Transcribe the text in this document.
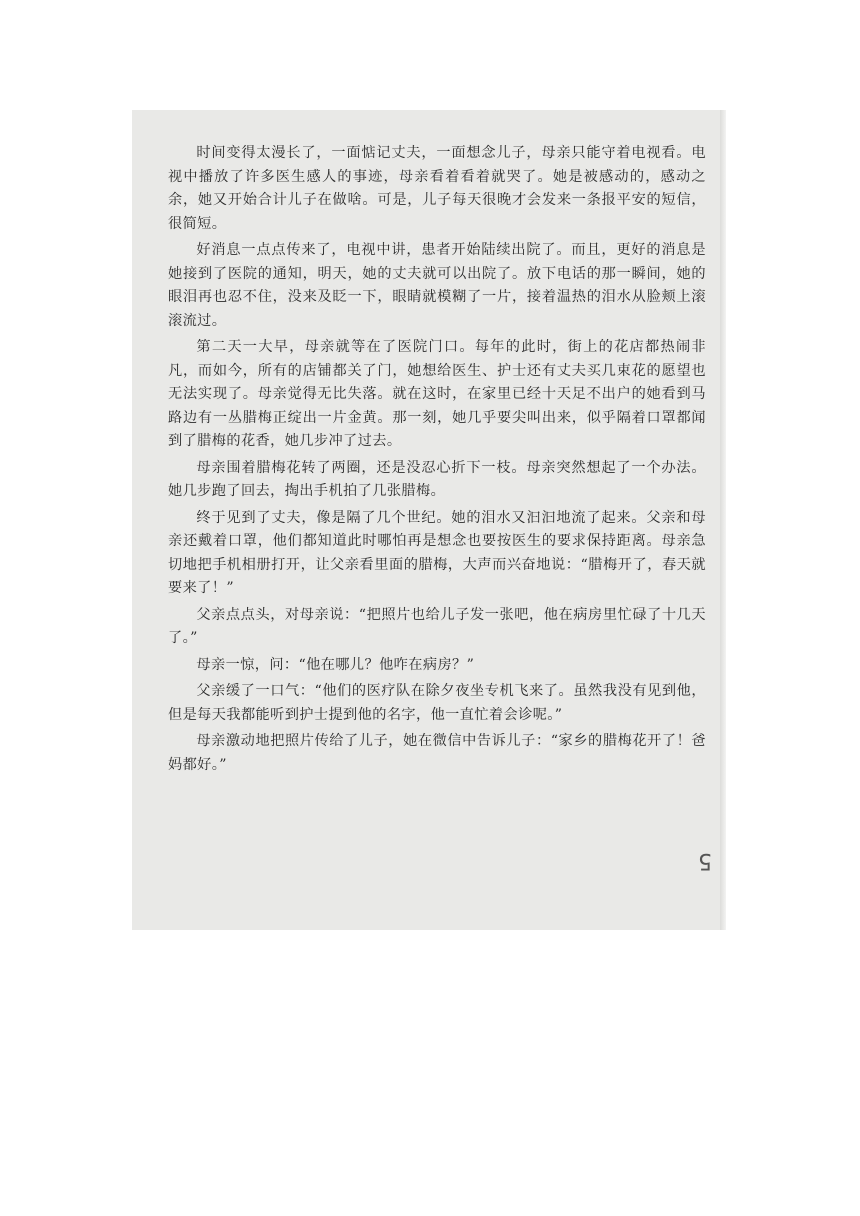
时间变得太漫长了，一面惦记丈夫，一面想念儿子，母亲只能守着电视看。电视中播放了许多医生感人的事迹，母亲看着看着就哭了。她是被感动的，感动之余，她又开始合计儿子在做啥。可是，儿子每天很晚才会发来一条报平安的短信，很简短。

好消息一点点传来了，电视中讲，患者开始陆续出院了。而且，更好的消息是她接到了医院的通知，明天，她的丈夫就可以出院了。放下电话的那一瞬间，她的眼泪再也忍不住，没来及眨一下，眼睛就模糊了一片，接着温热的泪水从脸颊上滚滚流过。

第二天一大早，母亲就等在了医院门口。每年的此时，街上的花店都热闹非凡，而如今，所有的店铺都关了门，她想给医生、护士还有丈夫买几束花的愿望也无法实现了。母亲觉得无比失落。就在这时，在家里已经十天足不出户的她看到马路边有一丛腊梅正绽出一片金黄。那一刻，她几乎要尖叫出来，似乎隔着口罩都闻到了腊梅的花香，她几步冲了过去。

母亲围着腊梅花转了两圈，还是没忍心折下一枝。母亲突然想起了一个办法。她几步跑了回去，掏出手机拍了几张腊梅。

终于见到了丈夫，像是隔了几个世纪。她的泪水又汩汩地流了起来。父亲和母亲还戴着口罩，他们都知道此时哪怕再是想念也要按医生的要求保持距离。母亲急切地把手机相册打开，让父亲看里面的腊梅，大声而兴奋地说：“腊梅开了，春天就要来了！”

父亲点点头，对母亲说：“把照片也给儿子发一张吧，他在病房里忙碌了十几天了。”

母亲一惊，问：“他在哪儿？他咋在病房？”

父亲缓了一口气：“他们的医疗队在除夕夜坐专机飞来了。虽然我没有见到他，但是每天我都能听到护士提到他的名字，他一直忙着会诊呢。”

母亲激动地把照片传给了儿子，她在微信中告诉儿子：“家乡的腊梅花开了！爸妈都好。”

5
